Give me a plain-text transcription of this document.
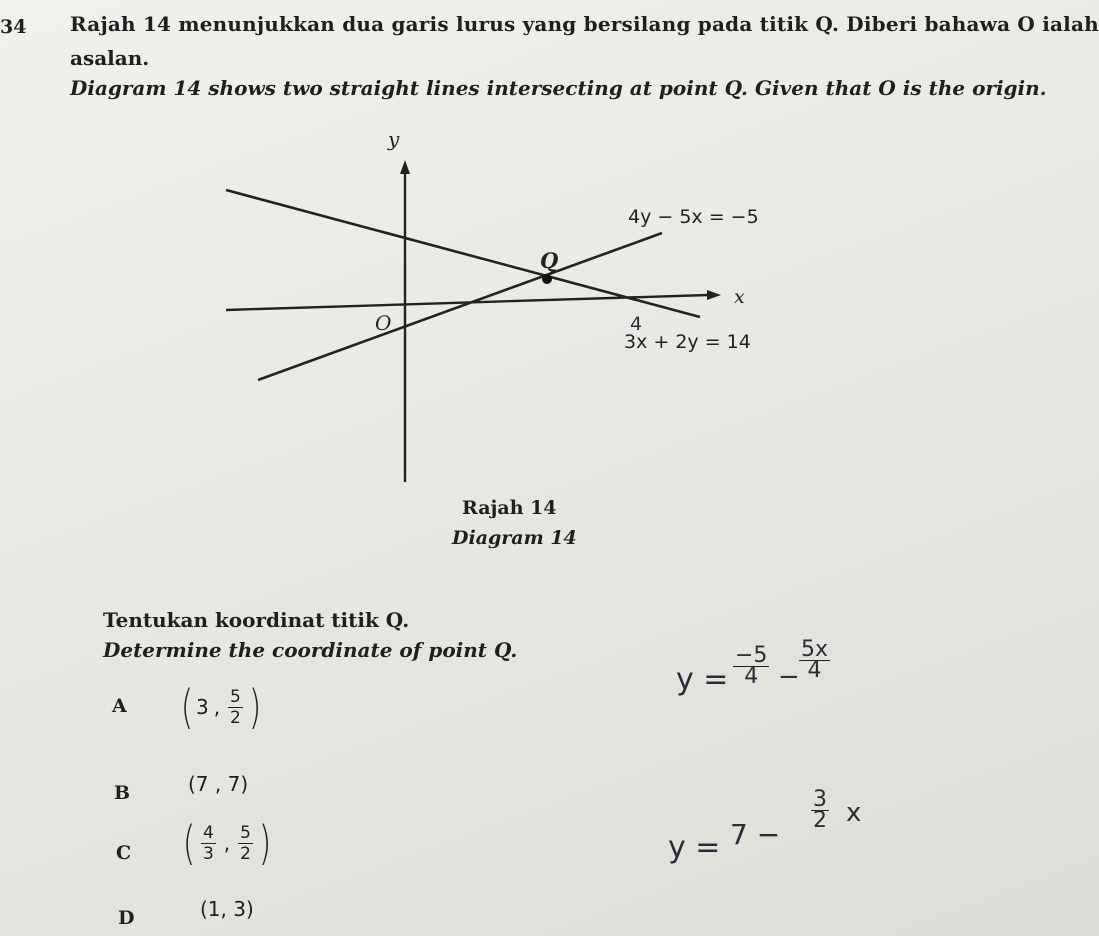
34 Rajah 14 menunjukkan dua garis lurus yang bersilang pada titik Q. Diberi bahawa O ialah
asalan.
Diagram 14 shows two straight lines intersecting at point Q. Given that O is the origin.
y
x
O
Q
4y − 5x = −5
3x + 2y = 14
4
Rajah 14
Diagram 14
Tentukan koordinat titik Q.
Determine the coordinate of point Q.
A ( 3 , $\frac{5}{2}$ )
B	(7 , 7)
C ( $\frac{4}{3}$ , $\frac{5}{2}$ )
D	(1, 3)
$y = \frac{-5}{4} - \frac{5x}{4}$
y = 7 −
$\frac{3}{2}$ x
